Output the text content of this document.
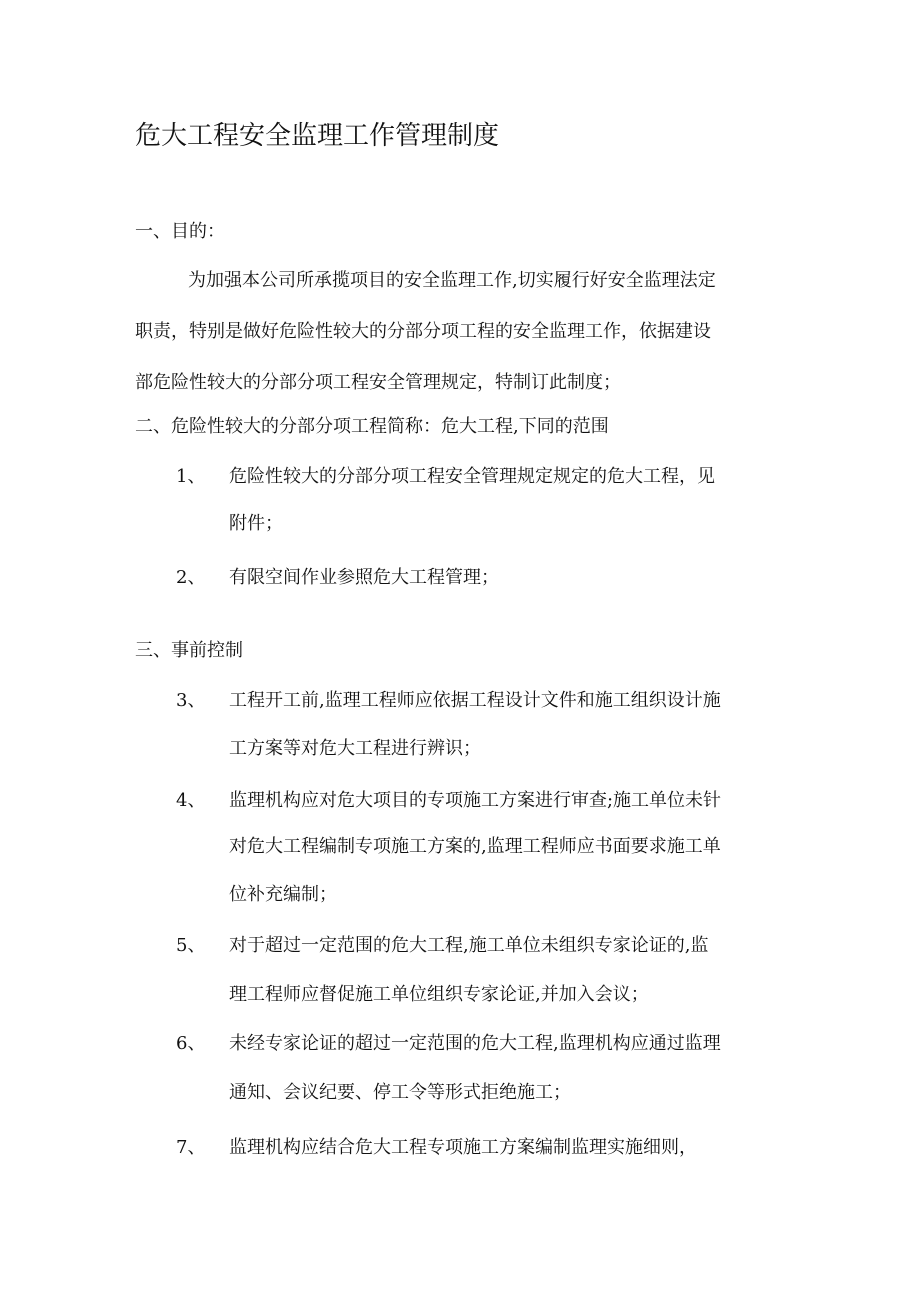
危大工程安全监理工作管理制度
一、目的：
为加强本公司所承揽项目的安全监理工作,切实履行好安全监理法定
职责，特别是做好危险性较大的分部分项工程的安全监理工作，依据建设
部危险性较大的分部分项工程安全管理规定，特制订此制度；
二、危险性较大的分部分项工程简称：危大工程,下同的范围
1、 危险性较大的分部分项工程安全管理规定规定的危大工程，见
附件；
2、 有限空间作业参照危大工程管理；
三、事前控制
3、 工程开工前,监理工程师应依据工程设计文件和施工组织设计施
工方案等对危大工程进行辨识；
4、 监理机构应对危大项目的专项施工方案进行审查;施工单位未针
对危大工程编制专项施工方案的,监理工程师应书面要求施工单
位补充编制；
5、 对于超过一定范围的危大工程,施工单位未组织专家论证的,监
理工程师应督促施工单位组织专家论证,并加入会议；
6、 未经专家论证的超过一定范围的危大工程,监理机构应通过监理
通知、会议纪要、停工令等形式拒绝施工；
7、 监理机构应结合危大工程专项施工方案编制监理实施细则，
